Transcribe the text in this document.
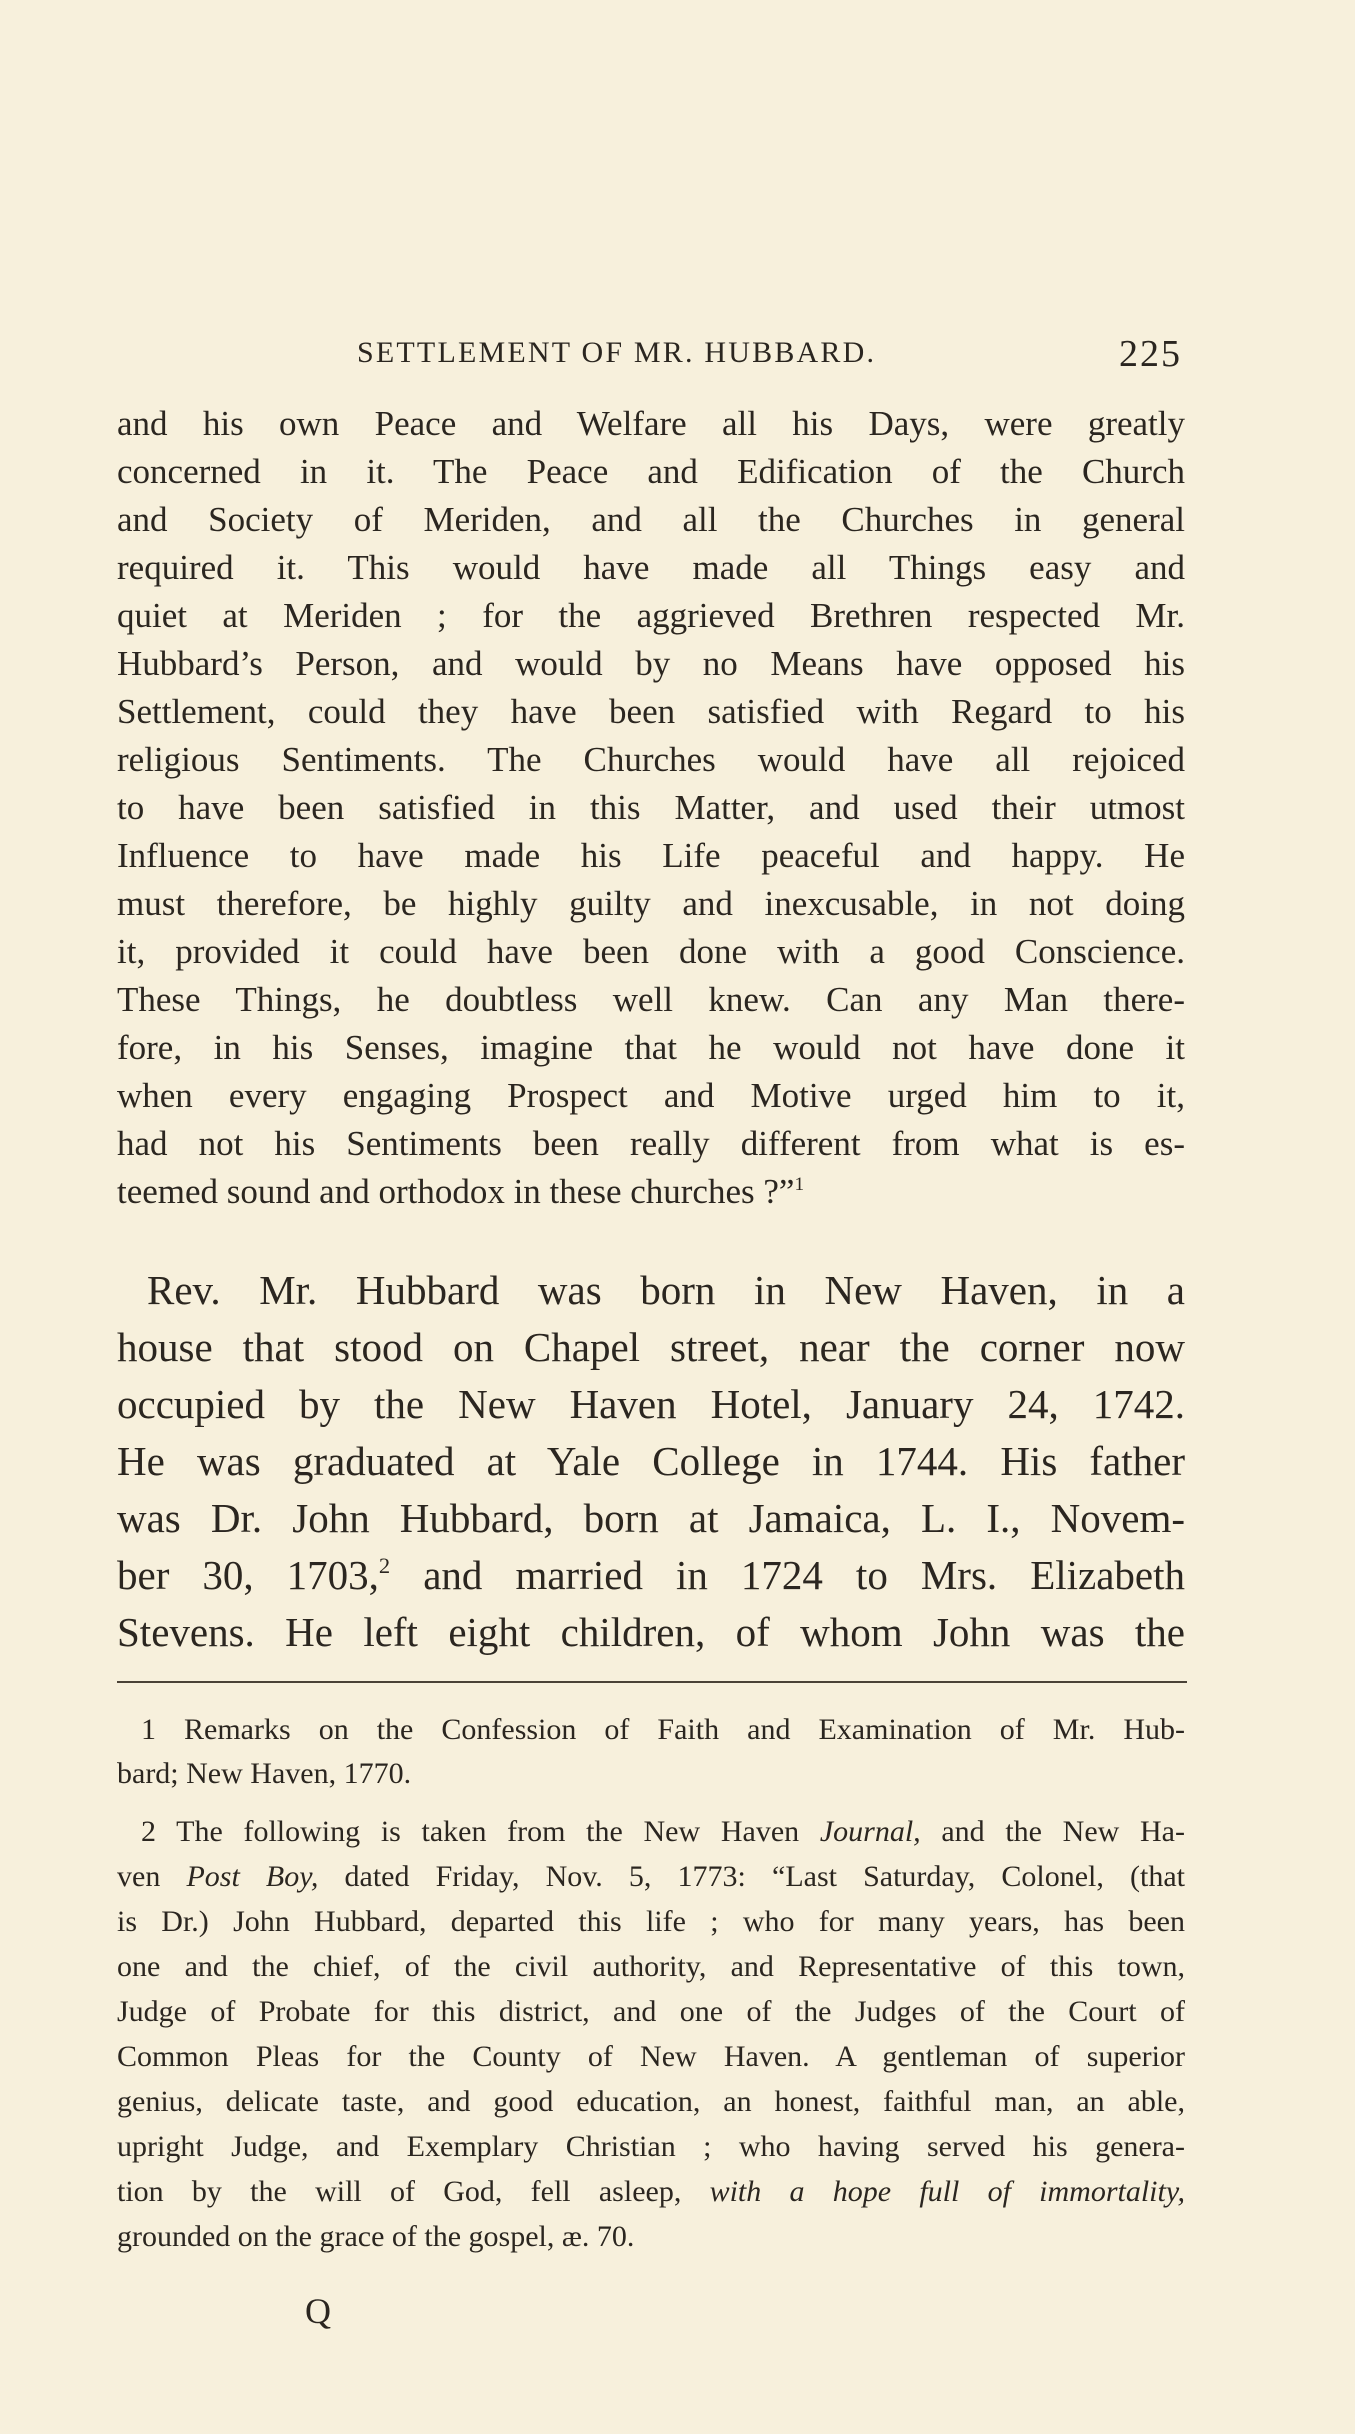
SETTLEMENT OF MR. HUBBARD.	225
and his own Peace and Welfare all his Days, were greatly
concerned in it. The Peace and Edification of the Church
and Society of Meriden, and all the Churches in general
required it. This would have made all Things easy and
quiet at Meriden ; for the aggrieved Brethren respected Mr.
Hubbard’s Person, and would by no Means have opposed his
Settlement, could they have been satisfied with Regard to his
religious Sentiments. The Churches would have all rejoiced
to have been satisfied in this Matter, and used their utmost
Influence to have made his Life peaceful and happy. He
must therefore, be highly guilty and inexcusable, in not doing
it, provided it could have been done with a good Conscience.
These Things, he doubtless well knew. Can any Man there-
fore, in his Senses, imagine that he would not have done it
when every engaging Prospect and Motive urged him to it,
had not his Sentiments been really different from what is es-
teemed sound and orthodox in these churches ?”$^1$
Rev. Mr. Hubbard was born in New Haven, in a
house that stood on Chapel street, near the corner now
occupied by the New Haven Hotel, January 24, 1742.
He was graduated at Yale College in 1744. His father
was Dr. John Hubbard, born at Jamaica, L. I., Novem-
ber 30, 1703,$^2$ and married in 1724 to Mrs. Elizabeth
Stevens. He left eight children, of whom John was the
1 Remarks on the Confession of Faith and Examination of Mr. Hub-
bard; New Haven, 1770.
2 The following is taken from the New Haven Journal, and the New Ha-
ven Post Boy, dated Friday, Nov. 5, 1773: “Last Saturday, Colonel, (that
is Dr.) John Hubbard, departed this life ; who for many years, has been
one and the chief, of the civil authority, and Representative of this town,
Judge of Probate for this district, and one of the Judges of the Court of
Common Pleas for the County of New Haven. A gentleman of superior
genius, delicate taste, and good education, an honest, faithful man, an able,
upright Judge, and Exemplary Christian ; who having served his genera-
tion by the will of God, fell asleep, with a hope full of immortality,
grounded on the grace of the gospel, æ. 70.
Q
